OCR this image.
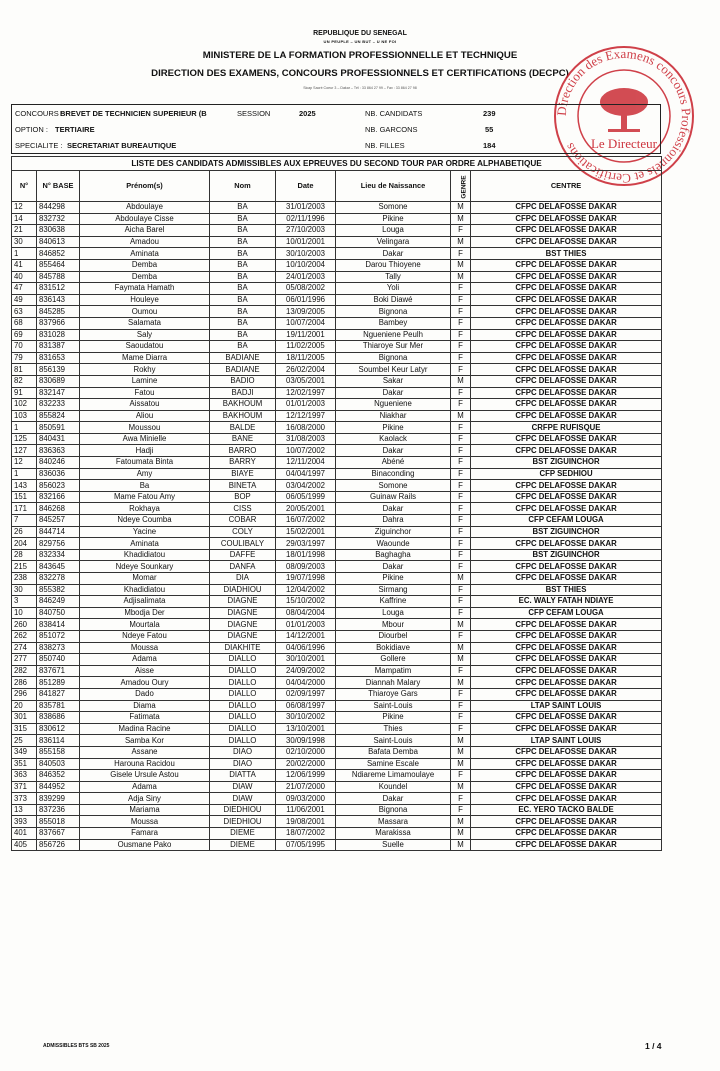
REPUBLIQUE DU SENEGAL
UN PEUPLE – UN BUT – U NE FOI
MINISTERE DE LA FORMATION PROFESSIONNELLE ET TECHNIQUE
DIRECTION DES EXAMENS, CONCOURS PROFESSIONNELS ET CERTIFICATIONS (DECPC)
Sicap Sacré Coeur 3 – Dakar – Tél : 33 864 27 99 – Fax : 33 864 27 98
Direction des Examens concours Professionnels et Certifications	Le Directeur
CONCOURS :
BREVET DE TECHNICIEN SUPERIEUR (B	SESSION	2025
OPTION : TERTIAIRE
SPECIALITE : SECRETARIAT BUREAUTIQUE
NB. CANDIDATS	239
NB. GARCONS	55
NB. FILLES	184
LISTE DES CANDIDATS ADMISSIBLES AUX EPREUVES DU SECOND TOUR PAR ORDRE ALPHABETIQUE							
N°	N° BASE	Prénom(s)	Nom	Date	Lieu de Naissance	GENRE	CENTRE
12	844298	Abdoulaye	BA	31/01/2003	Somone	M	CFPC DELAFOSSE DAKAR
14	832732	Abdoulaye Cisse	BA	02/11/1996	Pikine	M	CFPC DELAFOSSE DAKAR
21	830638	Aicha Barel	BA	27/10/2003	Louga	F	CFPC DELAFOSSE DAKAR
30	840613	Amadou	BA	10/01/2001	Velingara	M	CFPC DELAFOSSE DAKAR
1	846852	Aminata	BA	30/10/2003	Dakar	F	BST THIES
41	855464	Demba	BA	10/10/2004	Darou Thioyene	M	CFPC DELAFOSSE DAKAR
40	845788	Demba	BA	24/01/2003	Tally	M	CFPC DELAFOSSE DAKAR
47	831512	Faymata Hamath	BA	05/08/2002	Yoli	F	CFPC DELAFOSSE DAKAR
49	836143	Houleye	BA	06/01/1996	Boki Diawé	F	CFPC DELAFOSSE DAKAR
63	845285	Oumou	BA	13/09/2005	Bignona	F	CFPC DELAFOSSE DAKAR
68	837966	Salamata	BA	10/07/2004	Bambey	F	CFPC DELAFOSSE DAKAR
69	831028	Saly	BA	19/11/2001	Ngueniene Peulh	F	CFPC DELAFOSSE DAKAR
70	831387	Saoudatou	BA	11/02/2005	Thiaroye Sur Mer	F	CFPC DELAFOSSE DAKAR
79	831653	Mame Diarra	BADIANE	18/11/2005	Bignona	F	CFPC DELAFOSSE DAKAR
81	856139	Rokhy	BADIANE	26/02/2004	Soumbel Keur Latyr	F	CFPC DELAFOSSE DAKAR
82	830689	Lamine	BADIO	03/05/2001	Sakar	M	CFPC DELAFOSSE DAKAR
91	832147	Fatou	BADJI	12/02/1997	Dakar	F	CFPC DELAFOSSE DAKAR
102	832233	Aissatou	BAKHOUM	01/01/2003	Ngueniene	F	CFPC DELAFOSSE DAKAR
103	855824	Aliou	BAKHOUM	12/12/1997	Niakhar	M	CFPC DELAFOSSE DAKAR
1	850591	Moussou	BALDE	16/08/2000	Pikine	F	CRFPE RUFISQUE
125	840431	Awa Minielle	BANE	31/08/2003	Kaolack	F	CFPC DELAFOSSE DAKAR
127	836363	Hadji	BARRO	10/07/2002	Dakar	F	CFPC DELAFOSSE DAKAR
12	840246	Fatoumata Binta	BARRY	12/11/2004	Abéné	F	BST ZIGUINCHOR
1	836036	Amy	BIAYE	04/04/1997	Binaconding	F	CFP SEDHIOU
143	856023	Ba	BINETA	03/04/2002	Somone	F	CFPC DELAFOSSE DAKAR
151	832166	Mame Fatou Amy	BOP	06/05/1999	Guinaw Rails	F	CFPC DELAFOSSE DAKAR
171	846268	Rokhaya	CISS	20/05/2001	Dakar	F	CFPC DELAFOSSE DAKAR
7	845257	Ndeye Coumba	COBAR	16/07/2002	Dahra	F	CFP CEFAM LOUGA
26	844714	Yacine	COLY	15/02/2001	Ziguinchor	F	BST ZIGUINCHOR
204	829756	Aminata	COULIBALY	29/03/1997	Waounde	F	CFPC DELAFOSSE DAKAR
28	832334	Khadidiatou	DAFFE	18/01/1998	Baghagha	F	BST ZIGUINCHOR
215	843645	Ndeye Sounkary	DANFA	08/09/2003	Dakar	F	CFPC DELAFOSSE DAKAR
238	832278	Momar	DIA	19/07/1998	Pikine	M	CFPC DELAFOSSE DAKAR
30	855382	Khadidiatou	DIADHIOU	12/04/2002	Sirmang	F	BST THIES
3	846249	Adjisalimata	DIAGNE	15/10/2002	Kaffrine	F	EC. WALY FATAH NDIAYE
10	840750	Mbodja Der	DIAGNE	08/04/2004	Louga	F	CFP CEFAM LOUGA
260	838414	Mourtala	DIAGNE	01/01/2003	Mbour	M	CFPC DELAFOSSE DAKAR
262	851072	Ndeye Fatou	DIAGNE	14/12/2001	Diourbel	F	CFPC DELAFOSSE DAKAR
274	838273	Moussa	DIAKHITE	04/06/1996	Bokidiave	M	CFPC DELAFOSSE DAKAR
277	850740	Adama	DIALLO	30/10/2001	Gollere	M	CFPC DELAFOSSE DAKAR
282	837671	Aisse	DIALLO	24/09/2002	Mampatim	F	CFPC DELAFOSSE DAKAR
286	851289	Amadou Oury	DIALLO	04/04/2000	Diannah Malary	M	CFPC DELAFOSSE DAKAR
296	841827	Dado	DIALLO	02/09/1997	Thiaroye Gars	F	CFPC DELAFOSSE DAKAR
20	835781	Diama	DIALLO	06/08/1997	Saint-Louis	F	LTAP SAINT LOUIS
301	838686	Fatimata	DIALLO	30/10/2002	Pikine	F	CFPC DELAFOSSE DAKAR
315	830612	Madina Racine	DIALLO	13/10/2001	Thies	F	CFPC DELAFOSSE DAKAR
25	836114	Samba Kor	DIALLO	30/09/1998	Saint-Louis	M	LTAP SAINT LOUIS
349	855158	Assane	DIAO	02/10/2000	Bafata Demba	M	CFPC DELAFOSSE DAKAR
351	840503	Harouna Racidou	DIAO	20/02/2000	Samine Escale	M	CFPC DELAFOSSE DAKAR
363	846352	Gisele Ursule Astou	DIATTA	12/06/1999	Ndiareme Limamoulaye	F	CFPC DELAFOSSE DAKAR
371	844952	Adama	DIAW	21/07/2000	Koundel	M	CFPC DELAFOSSE DAKAR
373	839299	Adja Siny	DIAW	09/03/2000	Dakar	F	CFPC DELAFOSSE DAKAR
13	837236	Mariama	DIEDHIOU	11/06/2001	Bignona	F	EC. YERO TACKO BALDE
393	855018	Moussa	DIEDHIOU	19/08/2001	Massara	M	CFPC DELAFOSSE DAKAR
401	837667	Famara	DIEME	18/07/2002	Marakissa	M	CFPC DELAFOSSE DAKAR
405	856726	Ousmane Pako	DIEME	07/05/1995	Suelle	M	CFPC DELAFOSSE DAKAR
ADMISSIBLES BTS SB 2025	1 / 4
